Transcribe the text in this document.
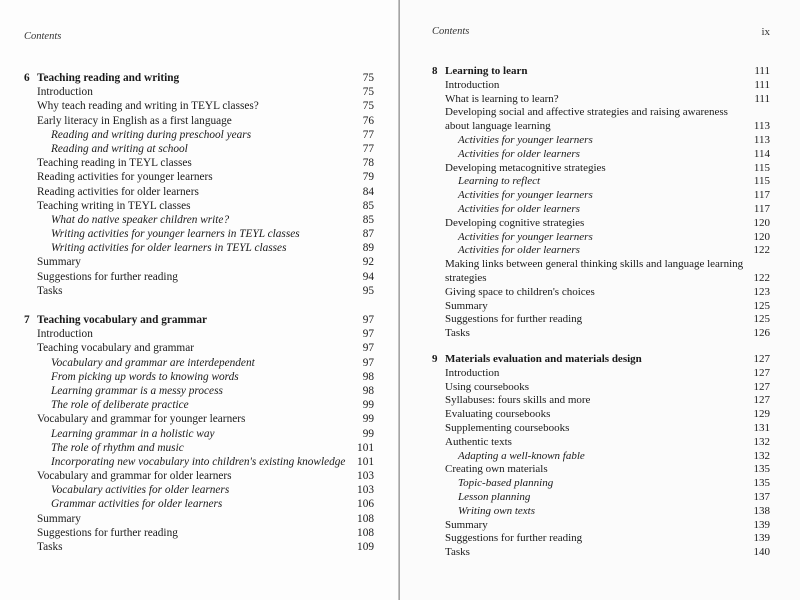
Contents
6 Teaching reading and writing	75
Introduction	75
Why teach reading and writing in TEYL classes?	75
Early literacy in English as a first language	76
Reading and writing during preschool years	77
Reading and writing at school	77
Teaching reading in TEYL classes	78
Reading activities for younger learners	79
Reading activities for older learners	84
Teaching writing in TEYL classes	85
What do native speaker children write?	85
Writing activities for younger learners in TEYL classes	87
Writing activities for older learners in TEYL classes	89
Summary	92
Suggestions for further reading	94
Tasks	95
7 Teaching vocabulary and grammar	97
Introduction	97
Teaching vocabulary and grammar	97
Vocabulary and grammar are interdependent	97
From picking up words to knowing words	98
Learning grammar is a messy process	98
The role of deliberate practice	99
Vocabulary and grammar for younger learners	99
Learning grammar in a holistic way	99
The role of rhythm and music	101
Incorporating new vocabulary into children's existing knowledge 101
Vocabulary and grammar for older learners	103
Vocabulary activities for older learners	103
Grammar activities for older learners	106
Summary	108
Suggestions for further reading	108
Tasks	109
Contents	ix
8 Learning to learn	111
Introduction	111
What is learning to learn?	111
Developing social and affective strategies and raising awareness
about language learning	113
Activities for younger learners	113
Activities for older learners	114
Developing metacognitive strategies	115
Learning to reflect	115
Activities for younger learners	117
Activities for older learners	117
Developing cognitive strategies	120
Activities for younger learners	120
Activities for older learners	122
Making links between general thinking skills and language learning
strategies	122
Giving space to children's choices	123
Summary	125
Suggestions for further reading	125
Tasks	126
9 Materials evaluation and materials design	127
Introduction	127
Using coursebooks	127
Syllabuses: fours skills and more	127
Evaluating coursebooks	129
Supplementing coursebooks	131
Authentic texts	132
Adapting a well-known fable	132
Creating own materials	135
Topic-based planning	135
Lesson planning	137
Writing own texts	138
Summary	139
Suggestions for further reading	139
Tasks	140
